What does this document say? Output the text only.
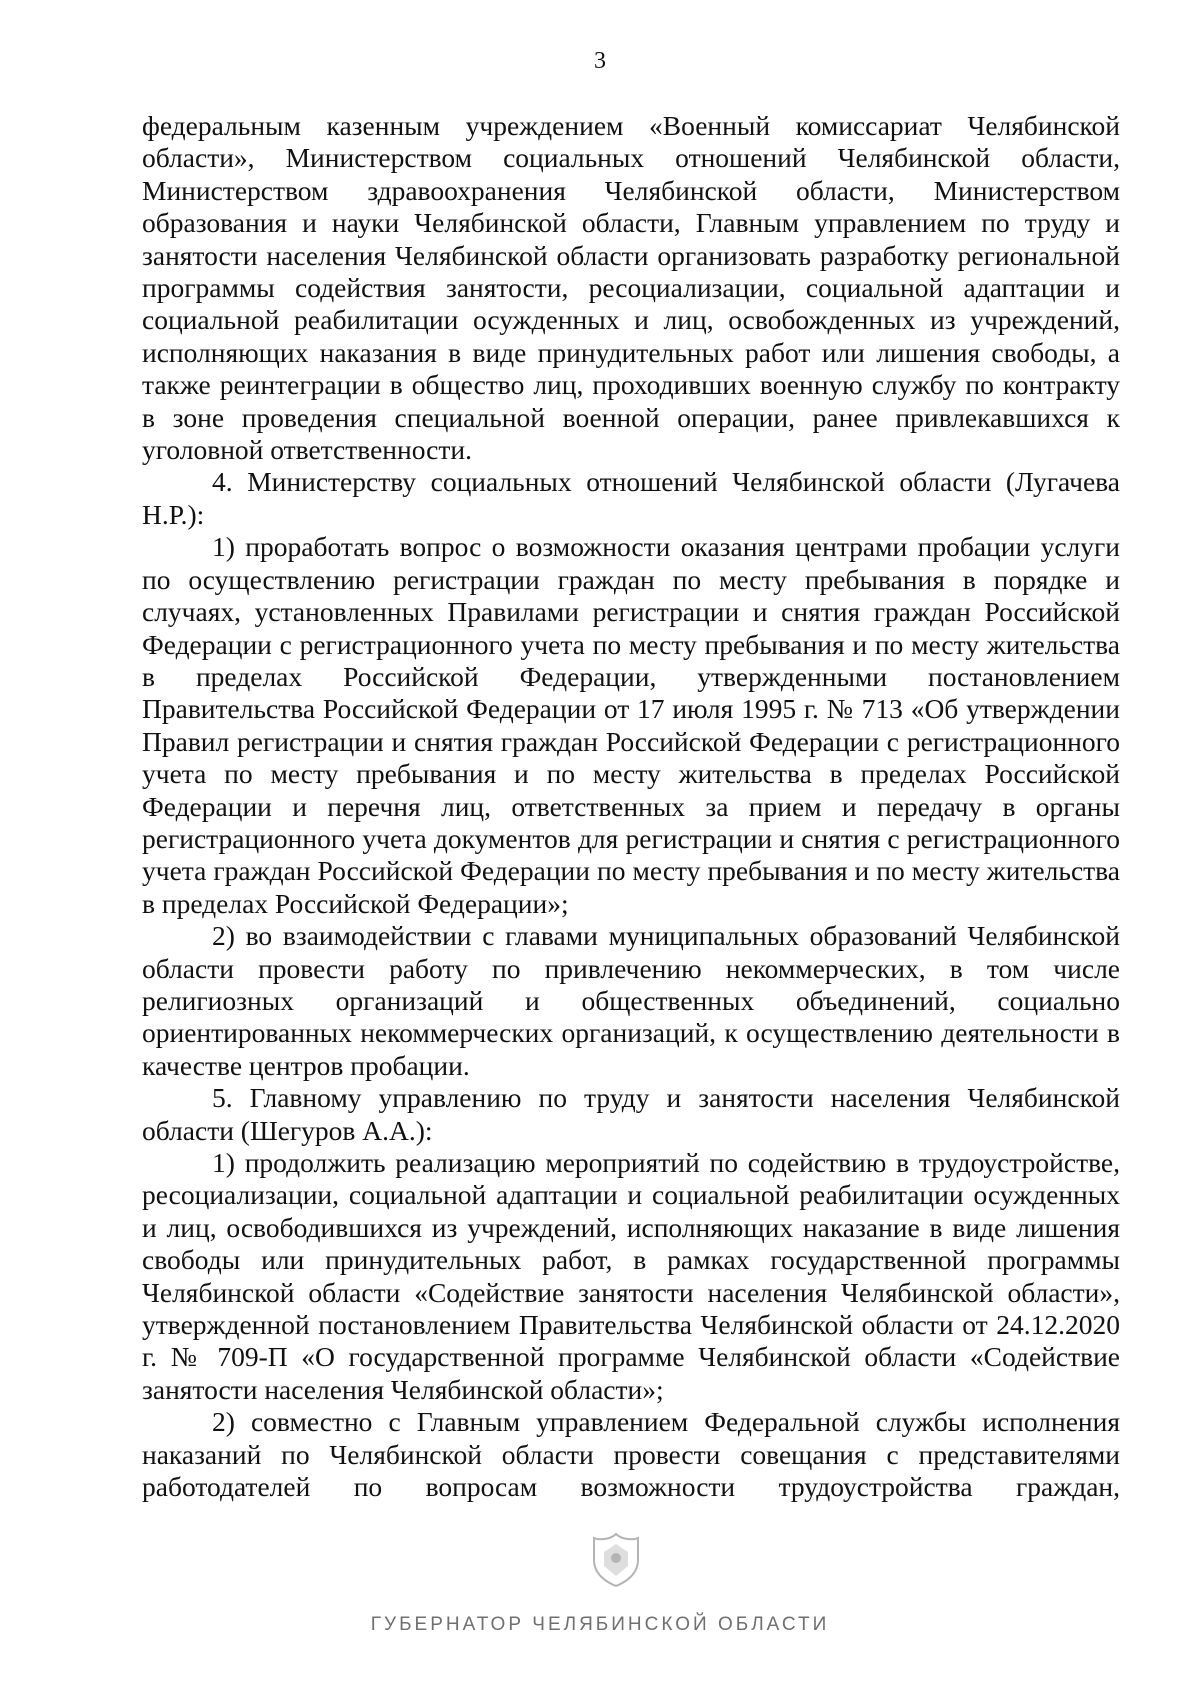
3

федеральным казенным учреждением «Военный комиссариат Челябинской области», Министерством социальных отношений Челябинской области, Министерством здравоохранения Челябинской области, Министерством образования и науки Челябинской области, Главным управлением по труду и занятости населения Челябинской области организовать разработку региональной программы содействия занятости, ресоциализации, социальной адаптации и социальной реабилитации осужденных и лиц, освобожденных из учреждений, исполняющих наказания в виде принудительных работ или лишения свободы, а также реинтеграции в общество лиц, проходивших военную службу по контракту в зоне проведения специальной военной операции, ранее привлекавшихся к уголовной ответственности.

4. Министерству социальных отношений Челябинской области (Лугачева Н.Р.):

1) проработать вопрос о возможности оказания центрами пробации услуги по осуществлению регистрации граждан по месту пребывания в порядке и случаях, установленных Правилами регистрации и снятия граждан Российской Федерации с регистрационного учета по месту пребывания и по месту жительства в пределах Российской Федерации, утвержденными постановлением Правительства Российской Федерации от 17 июля 1995 г. № 713 «Об утверждении Правил регистрации и снятия граждан Российской Федерации с регистрационного учета по месту пребывания и по месту жительства в пределах Российской Федерации и перечня лиц, ответственных за прием и передачу в органы регистрационного учета документов для регистрации и снятия с регистрационного учета граждан Российской Федерации по месту пребывания и по месту жительства в пределах Российской Федерации»;

2) во взаимодействии с главами муниципальных образований Челябинской области провести работу по привлечению некоммерческих, в том числе религиозных организаций и общественных объединений, социально ориентированных некоммерческих организаций, к осуществлению деятельности в качестве центров пробации.

5. Главному управлению по труду и занятости населения Челябинской области (Шегуров А.А.):

1) продолжить реализацию мероприятий по содействию в трудоустройстве, ресоциализации, социальной адаптации и социальной реабилитации осужденных и лиц, освободившихся из учреждений, исполняющих наказание в виде лишения свободы или принудительных работ, в рамках государственной программы Челябинской области «Содействие занятости населения Челябинской области», утвержденной постановлением Правительства Челябинской области от 24.12.2020 г. № 709-П «О государственной программе Челябинской области «Содействие занятости населения Челябинской области»;

2) совместно с Главным управлением Федеральной службы исполнения наказаний по Челябинской области провести совещания с представителями работодателей по вопросам возможности трудоустройства граждан,

ГУБЕРНАТОР ЧЕЛЯБИНСКОЙ ОБЛАСТИ
